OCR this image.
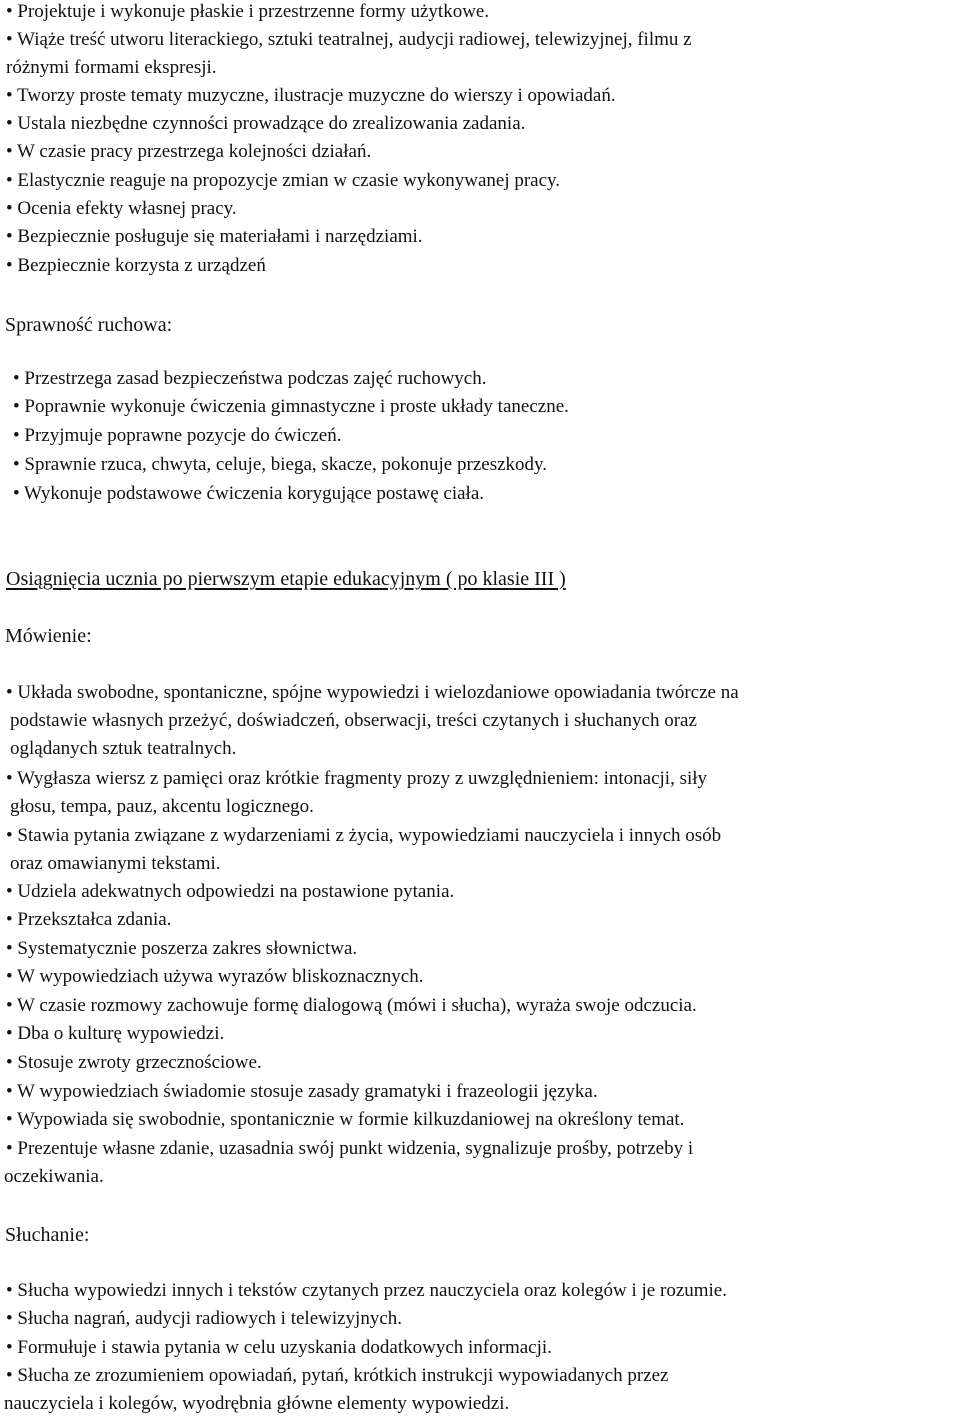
• Projektuje i wykonuje płaskie i przestrzenne formy użytkowe.

• Wiąże treść utworu literackiego, sztuki teatralnej, audycji radiowej, telewizyjnej, filmu z

różnymi formami ekspresji.

• Tworzy proste tematy muzyczne, ilustracje muzyczne do wierszy i opowiadań.

• Ustala niezbędne czynności prowadzące do zrealizowania zadania.

• W czasie pracy przestrzega kolejności działań.

• Elastycznie reaguje na propozycje zmian w czasie wykonywanej pracy.

• Ocenia efekty własnej pracy.

• Bezpiecznie posługuje się materiałami i narzędziami.

• Bezpiecznie korzysta z urządzeń

Sprawność ruchowa:

• Przestrzega zasad bezpieczeństwa podczas zajęć ruchowych.

• Poprawnie wykonuje ćwiczenia gimnastyczne i proste układy taneczne.

• Przyjmuje poprawne pozycje do ćwiczeń.

• Sprawnie rzuca, chwyta, celuje, biega, skacze, pokonuje przeszkody.

• Wykonuje podstawowe ćwiczenia korygujące postawę ciała.

Osiągnięcia ucznia po pierwszym etapie edukacyjnym ( po klasie III )

Mówienie:

• Układa swobodne, spontaniczne, spójne wypowiedzi i wielozdaniowe opowiadania twórcze na

podstawie własnych przeżyć, doświadczeń, obserwacji, treści czytanych i słuchanych oraz

oglądanych sztuk teatralnych.

• Wygłasza wiersz z pamięci oraz krótkie fragmenty prozy z uwzględnieniem: intonacji, siły

głosu, tempa, pauz, akcentu logicznego.

• Stawia pytania związane z wydarzeniami z życia, wypowiedziami nauczyciela i innych osób

oraz omawianymi tekstami.

• Udziela adekwatnych odpowiedzi na postawione pytania.

• Przekształca zdania.

• Systematycznie poszerza zakres słownictwa.

• W wypowiedziach używa wyrazów bliskoznacznych.

• W czasie rozmowy zachowuje formę dialogową (mówi i słucha), wyraża swoje odczucia.

• Dba o kulturę wypowiedzi.

• Stosuje zwroty grzecznościowe.

• W wypowiedziach świadomie stosuje zasady gramatyki i frazeologii języka.

• Wypowiada się swobodnie, spontanicznie w formie kilkuzdaniowej na określony temat.

• Prezentuje własne zdanie, uzasadnia swój punkt widzenia, sygnalizuje prośby, potrzeby i

oczekiwania.

Słuchanie:

• Słucha wypowiedzi innych i tekstów czytanych przez nauczyciela oraz kolegów i je rozumie.

• Słucha nagrań, audycji radiowych i telewizyjnych.

• Formułuje i stawia pytania w celu uzyskania dodatkowych informacji.

• Słucha ze zrozumieniem opowiadań, pytań, krótkich instrukcji wypowiadanych przez

nauczyciela i kolegów, wyodrębnia główne elementy wypowiedzi.
